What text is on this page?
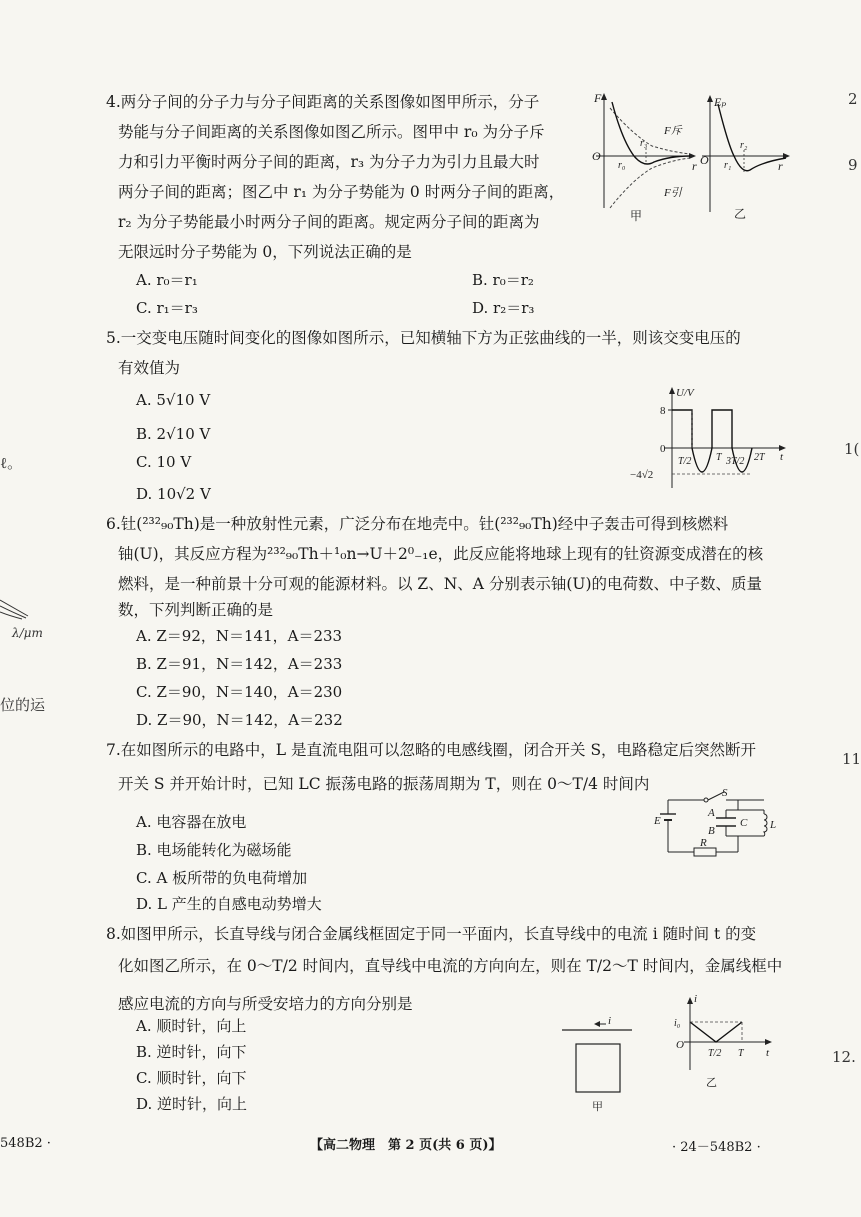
4.两分子间的分子力与分子间距离的关系图像如图甲所示，分子
势能与分子间距离的关系图像如图乙所示。图甲中 r₀ 为分子斥
力和引力平衡时两分子间的距离，r₃ 为分子力为引力且最大时
两分子间的距离；图乙中 r₁ 为分子势能为 0 时两分子间的距离，
r₂ 为分子势能最小时两分子间的距离。规定两分子间的距离为
无限远时分子势能为 0，下列说法正确的是
A. r₀＝r₁	B. r₀＝r₂
C. r₁＝r₃	D. r₂＝r₃
F
O
r
F斥
F引
r₃
r₀
甲
Eₚ
O	r
r₂
r₁
乙
5.一交变电压随时间变化的图像如图所示，已知横轴下方为正弦曲线的一半，则该交变电压的
有效值为
A. 5√10 V
B. 2√10 V
C. 10 V
D. 10√2 V
U/V
8
0
−4√2
T/2 T 3T/2 2T t
6.钍(²³²₉₀Th)是一种放射性元素，广泛分布在地壳中。钍(²³²₉₀Th)经中子轰击可得到核燃料
铀(U)，其反应方程为²³²₉₀Th＋¹₀n→U＋2⁰₋₁e，此反应能将地球上现有的钍资源变成潜在的核
燃料，是一种前景十分可观的能源材料。以 Z、N、A 分别表示铀(U)的电荷数、中子数、质量
数，下列判断正确的是
A. Z＝92，N＝141，A＝233
B. Z＝91，N＝142，A＝233
C. Z＝90，N＝140，A＝230
D. Z＝90，N＝142，A＝232
7.在如图所示的电路中，L 是直流电阻可以忽略的电感线圈，闭合开关 S，电路稳定后突然断开
开关 S 并开始计时，已知 LC 振荡电路的振荡周期为 T，则在 0～T/4 时间内
A. 电容器在放电
B. 电场能转化为磁场能
C. A 板所带的负电荷增加
D. L 产生的自感电动势增大
S
E
A
B
C L
R
8.如图甲所示，长直导线与闭合金属线框固定于同一平面内，长直导线中的电流 i 随时间 t 的变
化如图乙所示，在 0～T/2 时间内，直导线中电流的方向向左，则在 T/2～T 时间内，金属线框中
感应电流的方向与所受安培力的方向分别是
A. 顺时针，向上
B. 逆时针，向下
C. 顺时针，向下
D. 逆时针，向上
i
甲
i
i₀
O
T/2 T t
乙
ℓ。
λ/μm
位的运
2
9
1(
11
12.
548B2 ·	【高二物理　第 2 页(共 6 页)】	· 24－548B2 ·
